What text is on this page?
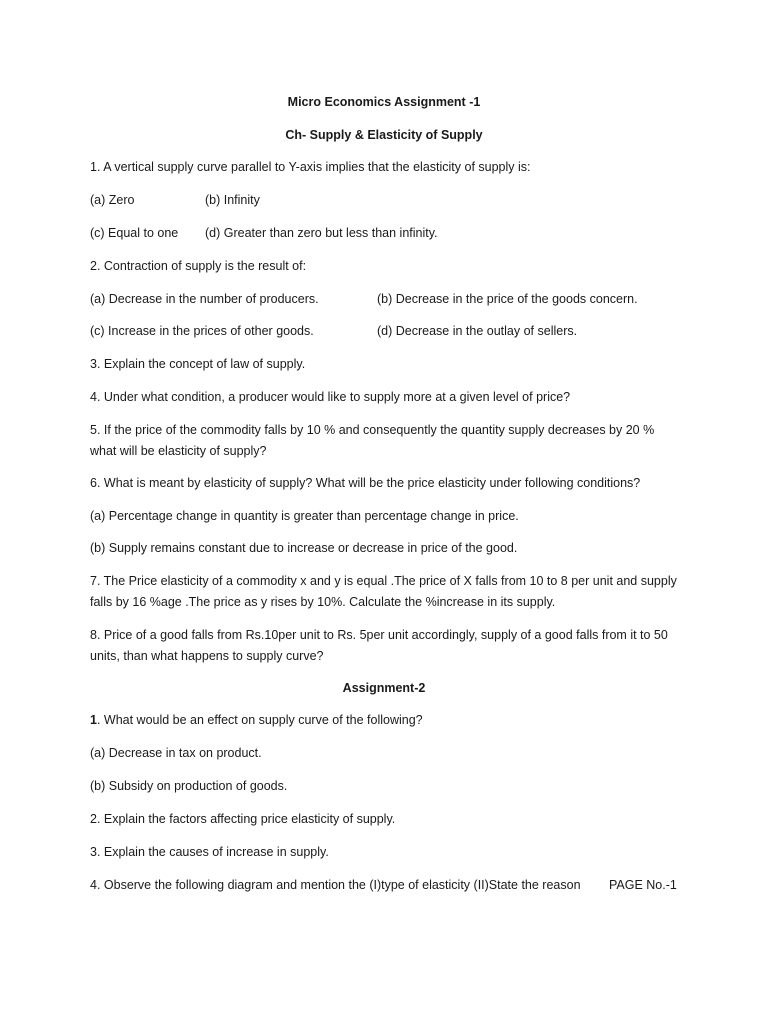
Micro Economics Assignment -1
Ch- Supply & Elasticity of Supply
1. A vertical supply curve parallel to Y-axis implies that the elasticity of supply is:
(a) Zero	(b) Infinity
(c) Equal to one (d) Greater than zero but less than infinity.
2. Contraction of supply is the result of:
(a) Decrease in the number of producers.	(b) Decrease in the price of the goods concern.
(c) Increase in the prices of other goods.	(d) Decrease in the outlay of sellers.
3. Explain the concept of law of supply.
4. Under what condition, a producer would like to supply more at a given level of price?
5. If the price of the commodity falls by 10 % and consequently the quantity supply decreases by 20 % what will be elasticity of supply?
6. What is meant by elasticity of supply? What will be the price elasticity under following conditions?
(a) Percentage change in quantity is greater than percentage change in price.
(b) Supply remains constant due to increase or decrease in price of the good.
7. The Price elasticity of a commodity x and y is equal .The price of X falls from 10 to 8 per unit and supply falls by 16 %age .The price as y rises by 10%. Calculate the %increase in its supply.
8. Price of a good falls from Rs.10per unit to Rs. 5per unit accordingly, supply of a good falls from it to 50 units, than what happens to supply curve?
Assignment-2
1. What would be an effect on supply curve of the following?
(a) Decrease in tax on product.
(b) Subsidy on production of goods.
2. Explain the factors affecting price elasticity of supply.
3. Explain the causes of increase in supply.
4. Observe the following diagram and mention the (I)type of elasticity (II)State the reason PAGE No.-1
